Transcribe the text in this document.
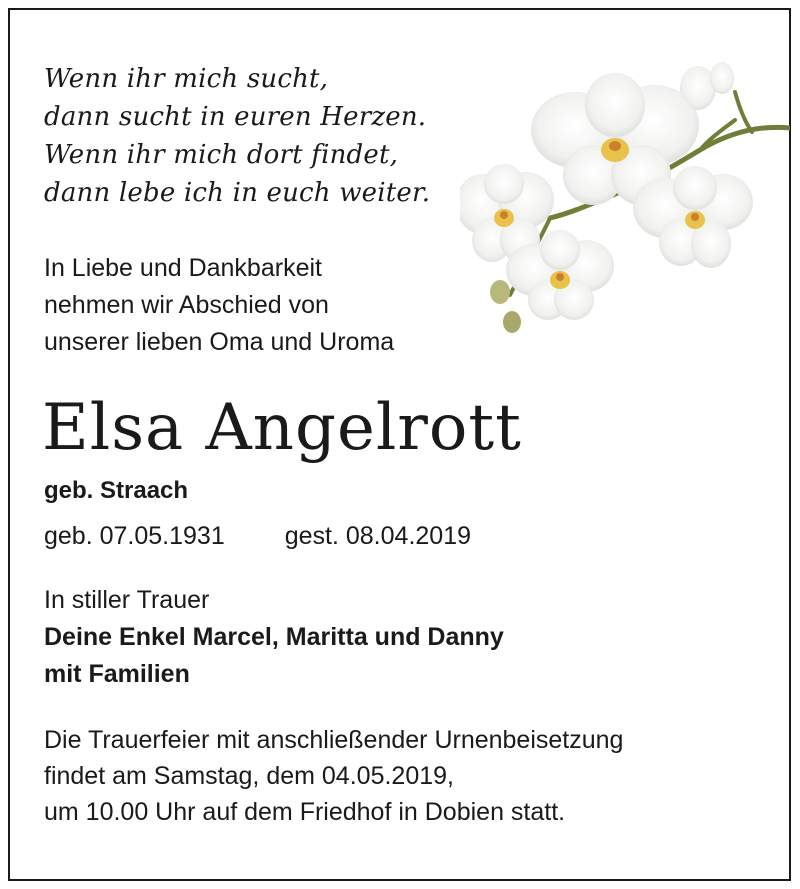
Wenn ihr mich sucht,
dann sucht in euren Herzen.
Wenn ihr mich dort findet,
dann lebe ich in euch weiter.
In Liebe und Dankbarkeit
nehmen wir Abschied von
unserer lieben Oma und Uroma
Elsa Angelrott
geb. Straach
geb. 07.05.1931 gest. 08.04.2019
In stiller Trauer
Deine Enkel Marcel, Maritta und Danny
mit Familien
Die Trauerfeier mit anschließender Urnenbeisetzung
findet am Samstag, dem 04.05.2019,
um 10.00 Uhr auf dem Friedhof in Dobien statt.
